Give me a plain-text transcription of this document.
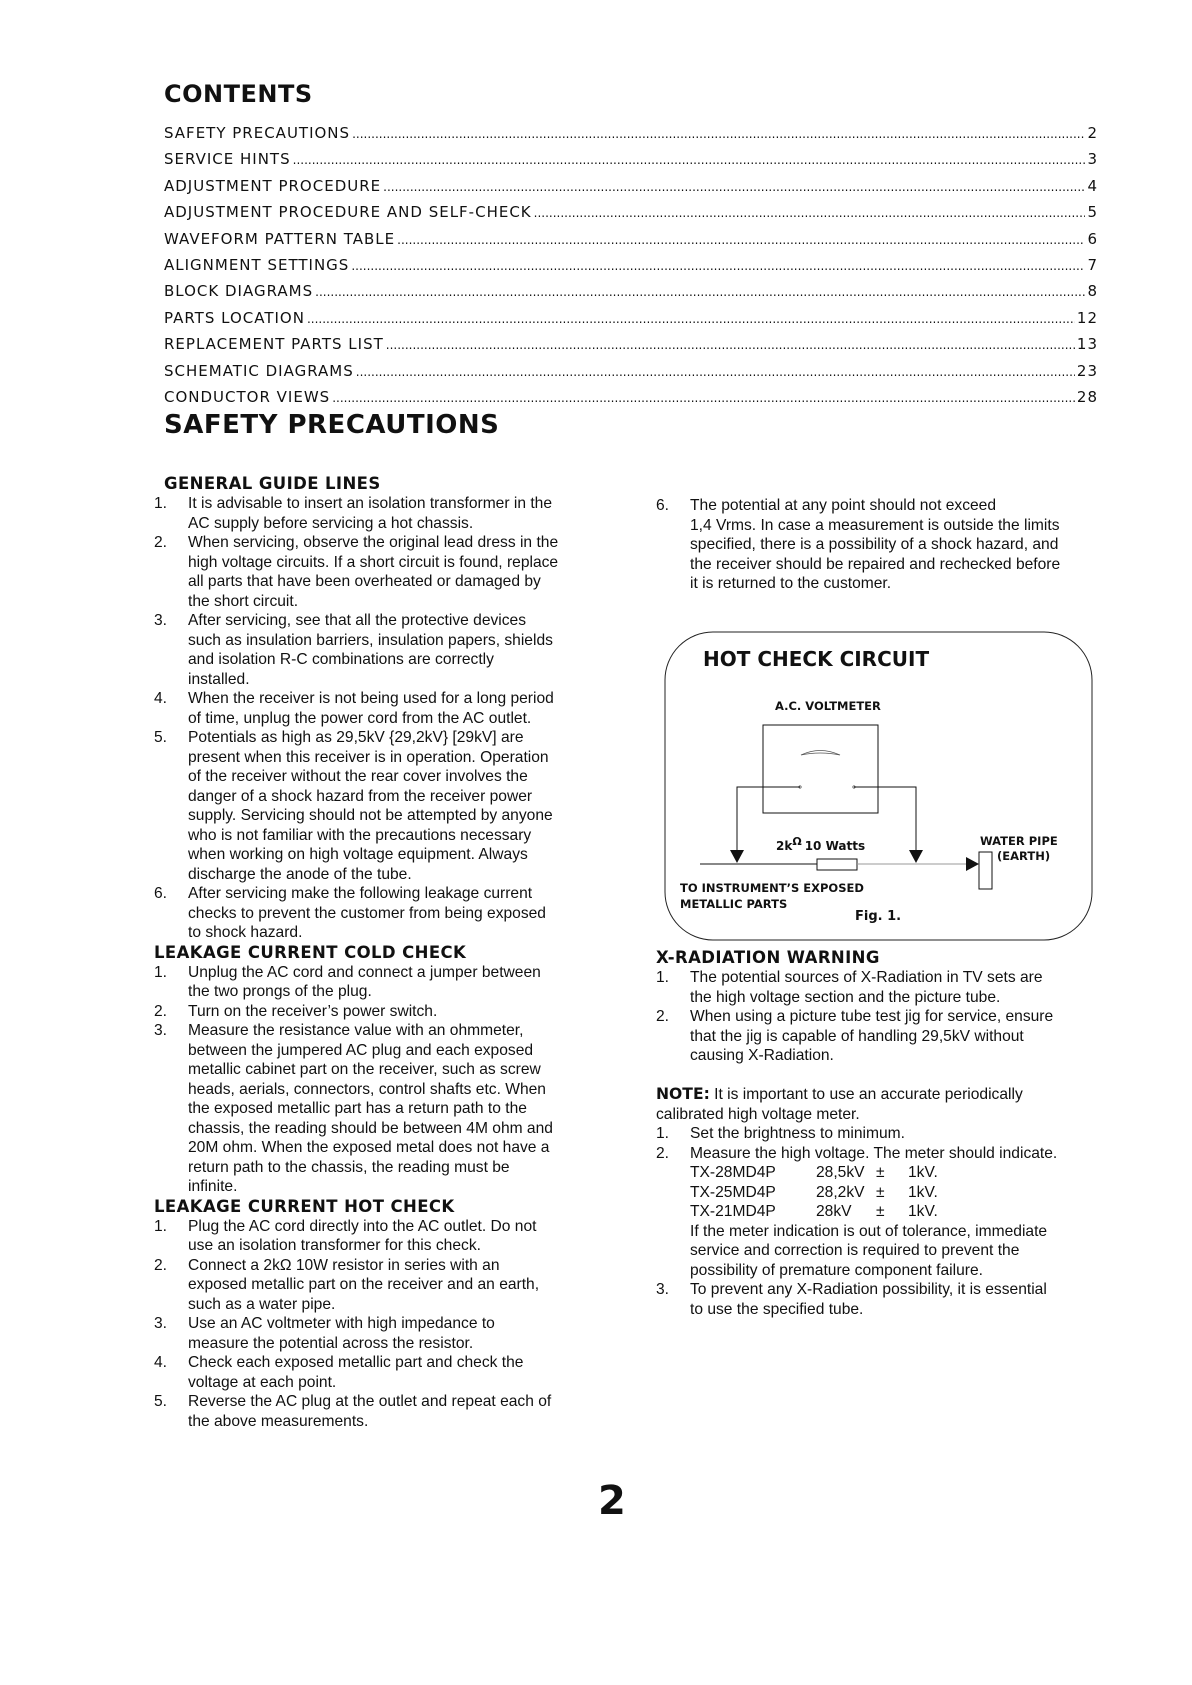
CONTENTS
SAFETY PRECAUTIONS .....	2
SERVICE HINTS .....	3
ADJUSTMENT PROCEDURE .....	4
ADJUSTMENT PROCEDURE AND SELF-CHECK .....	5
WAVEFORM PATTERN TABLE .....	6
ALIGNMENT SETTINGS .....	7
BLOCK DIAGRAMS .....	8
PARTS LOCATION .....	12
REPLACEMENT PARTS LIST .....	13
SCHEMATIC DIAGRAMS .....	23
CONDUCTOR VIEWS .....	28
SAFETY PRECAUTIONS
GENERAL GUIDE LINES
1.	It is advisable to insert an isolation transformer in the
AC supply before servicing a hot chassis.
2.	When servicing, observe the original lead dress in the
high voltage circuits. If a short circuit is found, replace
all parts that have been overheated or damaged by
the short circuit.
3.	After servicing, see that all the protective devices
such as insulation barriers, insulation papers, shields
and isolation R-C combinations are correctly
installed.
4.	When the receiver is not being used for a long period
of time, unplug the power cord from the AC outlet.
5.	Potentials as high as 29,5kV {29,2kV} [29kV] are
present when this receiver is in operation. Operation
of the receiver without the rear cover involves the
danger of a shock hazard from the receiver power
supply. Servicing should not be attempted by anyone
who is not familiar with the precautions necessary
when working on high voltage equipment. Always
discharge the anode of the tube.
6.	After servicing make the following leakage current
checks to prevent the customer from being exposed
to shock hazard.
LEAKAGE CURRENT COLD CHECK
1.	Unplug the AC cord and connect a jumper between
the two prongs of the plug.
2.	Turn on the receiver’s power switch.
3.	Measure the resistance value with an ohmmeter,
between the jumpered AC plug and each exposed
metallic cabinet part on the receiver, such as screw
heads, aerials, connectors, control shafts etc. When
the exposed metallic part has a return path to the
chassis, the reading should be between 4M ohm and
20M ohm. When the exposed metal does not have a
return path to the chassis, the reading must be
infinite.
LEAKAGE CURRENT HOT CHECK
1.	Plug the AC cord directly into the AC outlet. Do not
use an isolation transformer for this check.
2.	Connect a 2kΩ 10W resistor in series with an
exposed metallic part on the receiver and an earth,
such as a water pipe.
3.	Use an AC voltmeter with high impedance to
measure the potential across the resistor.
4.	Check each exposed metallic part and check the
voltage at each point.
5.	Reverse the AC plug at the outlet and repeat each of
the above measurements.
6.	The potential at any point should not exceed
1,4 Vrms. In case a measurement is outside the limits
specified, there is a possibility of a shock hazard, and
the receiver should be repaired and rechecked before
it is returned to the customer.
X-RADIATION WARNING
1.	The potential sources of X-Radiation in TV sets are
the high voltage section and the picture tube.
2.	When using a picture tube test jig for service, ensure
that the jig is capable of handling 29,5kV without
causing X-Radiation.
NOTE: It is important to use an accurate periodically
calibrated high voltage meter.
1.	Set the brightness to minimum.
2.	Measure the high voltage. The meter should indicate.
TX-28MD4P	28,5kV ±	1kV.
TX-25MD4P	28,2kV ±	1kV.
TX-21MD4P	28kV	±	1kV.
If the meter indication is out of tolerance, immediate
service and correction is required to prevent the
possibility of premature component failure.
3.	To prevent any X-Radiation possibility, it is essential
to use the specified tube.
HOT CHECK CIRCUIT
A.C. VOLTMETER
2kΩ 10 Watts	WATER PIPE
(EARTH)
TO INSTRUMENT’S EXPOSED
METALLIC PARTS
Fig. 1.
2
